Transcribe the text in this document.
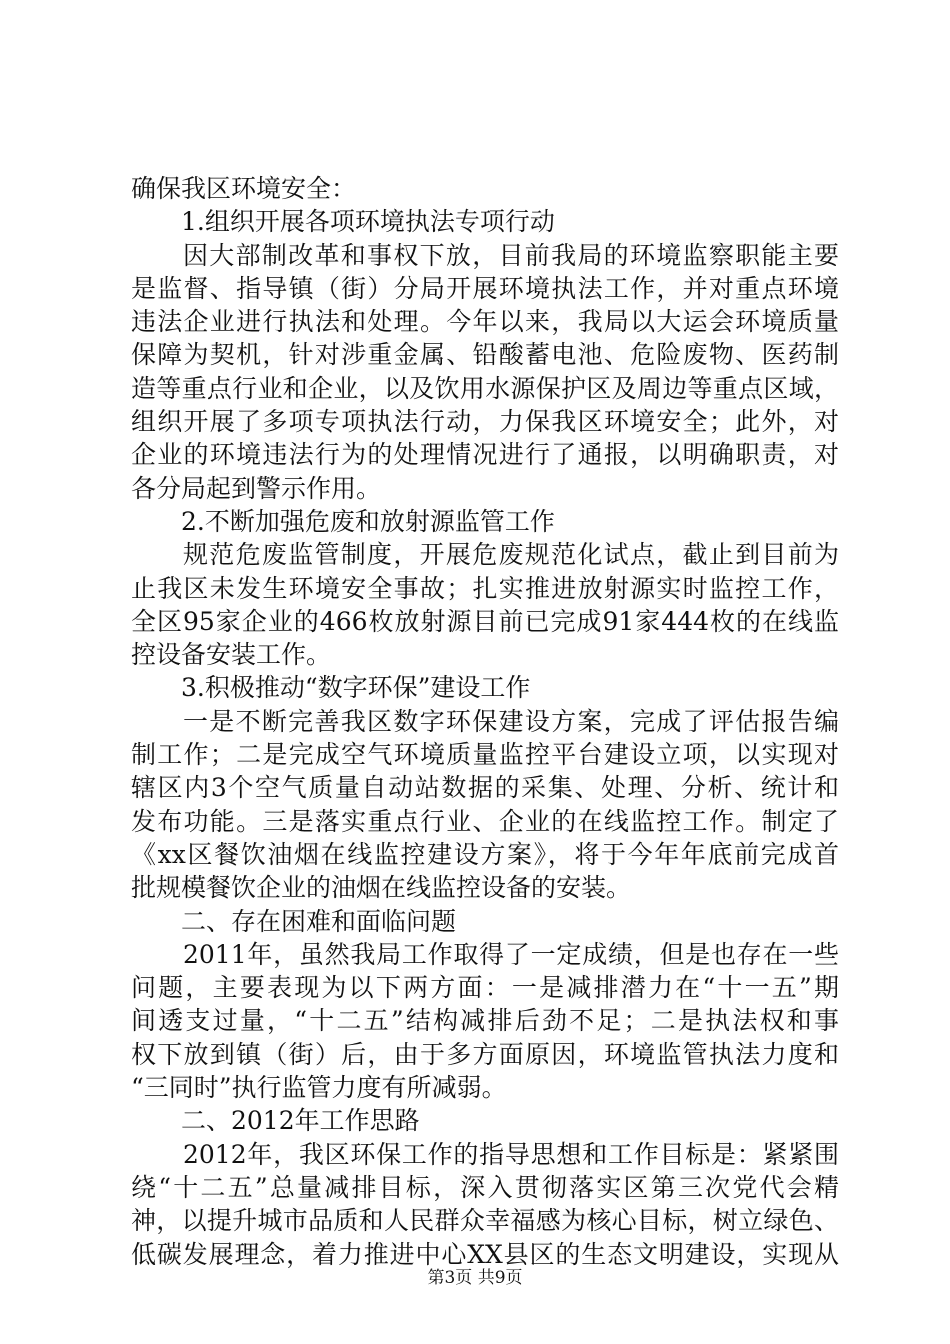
确保我区环境安全：
1.组织开展各项环境执法专项行动
因大部制改革和事权下放，目前我局的环境监察职能主要
是监督、指导镇（街）分局开展环境执法工作，并对重点环境
违法企业进行执法和处理。今年以来，我局以大运会环境质量
保障为契机，针对涉重金属、铅酸蓄电池、危险废物、医药制
造等重点行业和企业，以及饮用水源保护区及周边等重点区域，
组织开展了多项专项执法行动，力保我区环境安全；此外，对
企业的环境违法行为的处理情况进行了通报，以明确职责，对
各分局起到警示作用。
2.不断加强危废和放射源监管工作
规范危废监管制度，开展危废规范化试点，截止到目前为
止我区未发生环境安全事故；扎实推进放射源实时监控工作，
全区95家企业的466枚放射源目前已完成91家444枚的在线监
控设备安装工作。
3.积极推动“数字环保”建设工作
一是不断完善我区数字环保建设方案，完成了评估报告编
制工作；二是完成空气环境质量监控平台建设立项，以实现对
辖区内3个空气质量自动站数据的采集、处理、分析、统计和
发布功能。三是落实重点行业、企业的在线监控工作。制定了
《xx区餐饮油烟在线监控建设方案》，将于今年年底前完成首
批规模餐饮企业的油烟在线监控设备的安装。
二、存在困难和面临问题
2011年，虽然我局工作取得了一定成绩，但是也存在一些
问题，主要表现为以下两方面：一是减排潜力在“十一五”期
间透支过量，“十二五”结构减排后劲不足；二是执法权和事
权下放到镇（街）后，由于多方面原因，环境监管执法力度和
“三同时”执行监管力度有所减弱。
二、2012年工作思路
2012年，我区环保工作的指导思想和工作目标是：紧紧围
绕“十二五”总量减排目标，深入贯彻落实区第三次党代会精
神，以提升城市品质和人民群众幸福感为核心目标，树立绿色、
低碳发展理念，着力推进中心XX县区的生态文明建设，实现从
第3页 共9页
